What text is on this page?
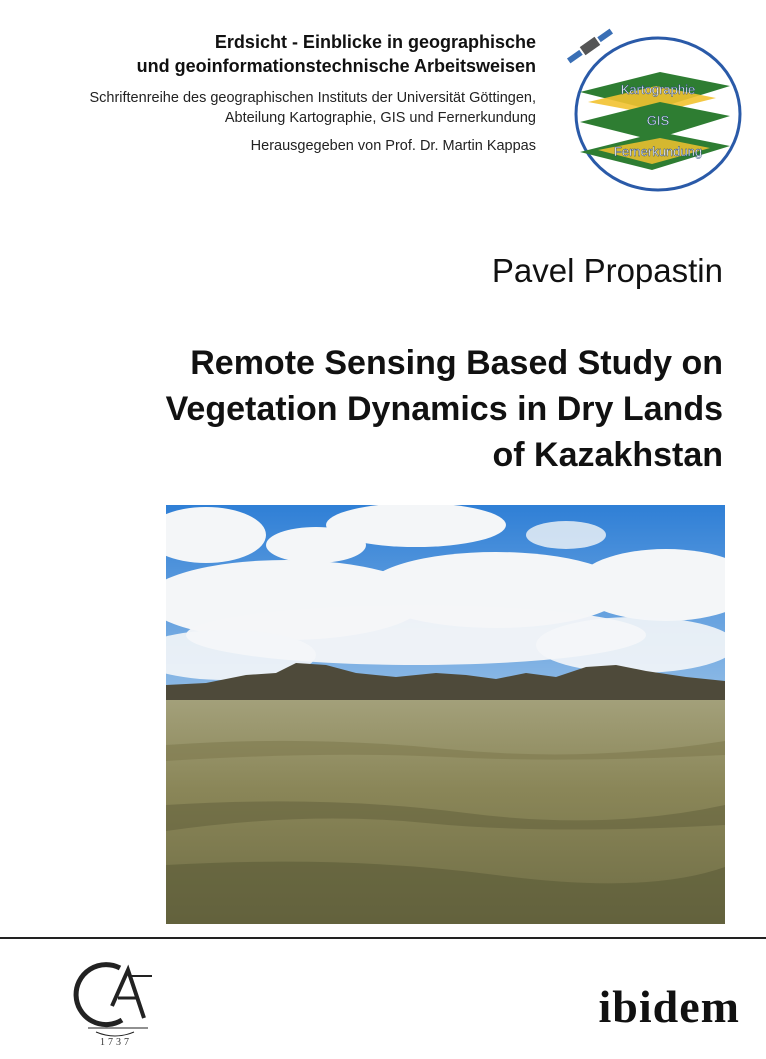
Erdsicht - Einblicke in geographische
und geoinformationstechnische Arbeitsweisen
Schriftenreihe des geographischen Instituts der Universität Göttingen,
Abteilung Kartographie, GIS und Fernerkundung
Herausgegeben von Prof. Dr. Martin Kappas
Kartographie
GIS
Fernerkundung
Pavel Propastin
Remote Sensing Based Study on
Vegetation Dynamics in Dry Lands
of Kazakhstan
1737
ibidem
